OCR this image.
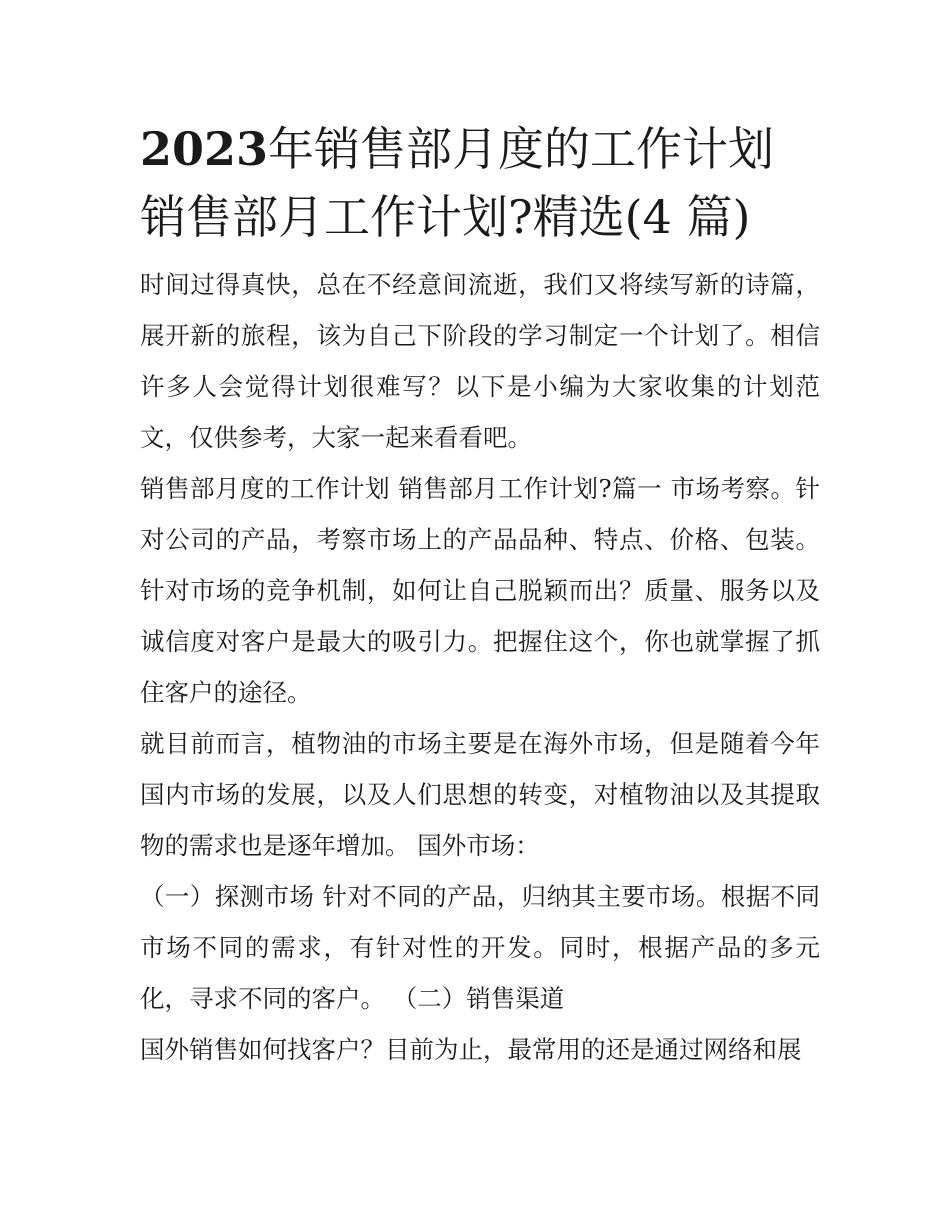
2023年销售部月度的工作计划
销售部月工作计划?精选(4 篇)

时间过得真快，总在不经意间流逝，我们又将续写新的诗篇，展开新的旅程，该为自己下阶段的学习制定一个计划了。相信许多人会觉得计划很难写？以下是小编为大家收集的计划范文，仅供参考，大家一起来看看吧。

销售部月度的工作计划 销售部月工作计划?篇一 市场考察。针对公司的产品，考察市场上的产品品种、特点、价格、包装。针对市场的竞争机制，如何让自己脱颖而出？质量、服务以及诚信度对客户是最大的吸引力。把握住这个，你也就掌握了抓住客户的途径。

就目前而言，植物油的市场主要是在海外市场，但是随着今年国内市场的发展，以及人们思想的转变，对植物油以及其提取物的需求也是逐年增加。 国外市场：

（一）探测市场 针对不同的产品，归纳其主要市场。根据不同市场不同的需求，有针对性的开发。同时，根据产品的多元化，寻求不同的客户。 （二）销售渠道

国外销售如何找客户？目前为止，最常用的还是通过网络和展
